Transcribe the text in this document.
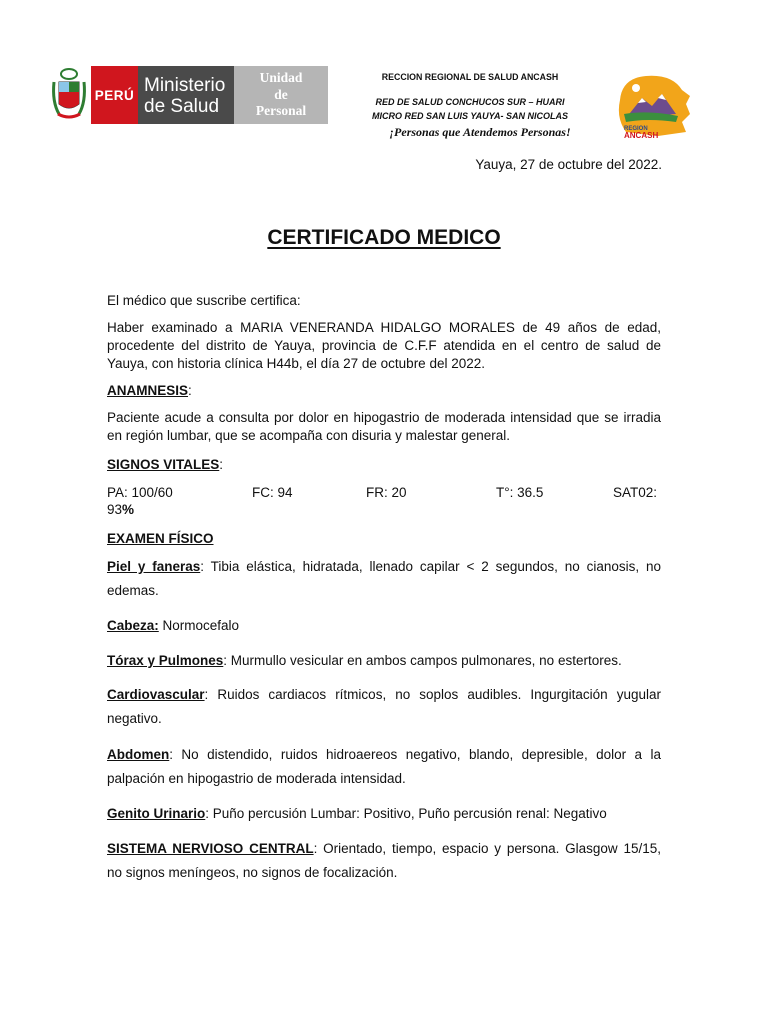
PERÚ Ministerio
de Salud
Unidad
de
Personal
RECCION REGIONAL DE SALUD ANCASH
RED DE SALUD CONCHUCOS SUR – HUARI
MICRO RED SAN LUIS YAUYA- SAN NICOLAS
¡Personas que Atendemos Personas!	REGION
ANCASH
Yauya, 27 de octubre del 2022.
CERTIFICADO MEDICO
El médico que suscribe certifica:
Haber examinado a MARIA VENERANDA HIDALGO MORALES de 49 años de edad, procedente del distrito de Yauya, provincia de C.F.F atendida en el centro de salud de Yauya, con historia clínica H44b, el día 27 de octubre del 2022.
ANAMNESIS:
Paciente acude a consulta por dolor en hipogastrio de moderada intensidad que se irradia en región lumbar, que se acompaña con disuria y malestar general.
SIGNOS VITALES:
PA: 100/60	FC: 94	FR: 20	T°: 36.5	SAT02:
93%
EXAMEN FÍSICO
Piel y faneras: Tibia elástica, hidratada, llenado capilar < 2 segundos, no cianosis, no edemas.
Cabeza: Normocefalo
Tórax y Pulmones: Murmullo vesicular en ambos campos pulmonares, no estertores.
Cardiovascular: Ruidos cardiacos rítmicos, no soplos audibles. Ingurgitación yugular negativo.
Abdomen: No distendido, ruidos hidroaereos negativo, blando, depresible, dolor a la palpación en hipogastrio de moderada intensidad.
Genito Urinario: Puño percusión Lumbar: Positivo, Puño percusión renal: Negativo
SISTEMA NERVIOSO CENTRAL: Orientado, tiempo, espacio y persona. Glasgow 15/15, no signos meníngeos, no signos de focalización.
